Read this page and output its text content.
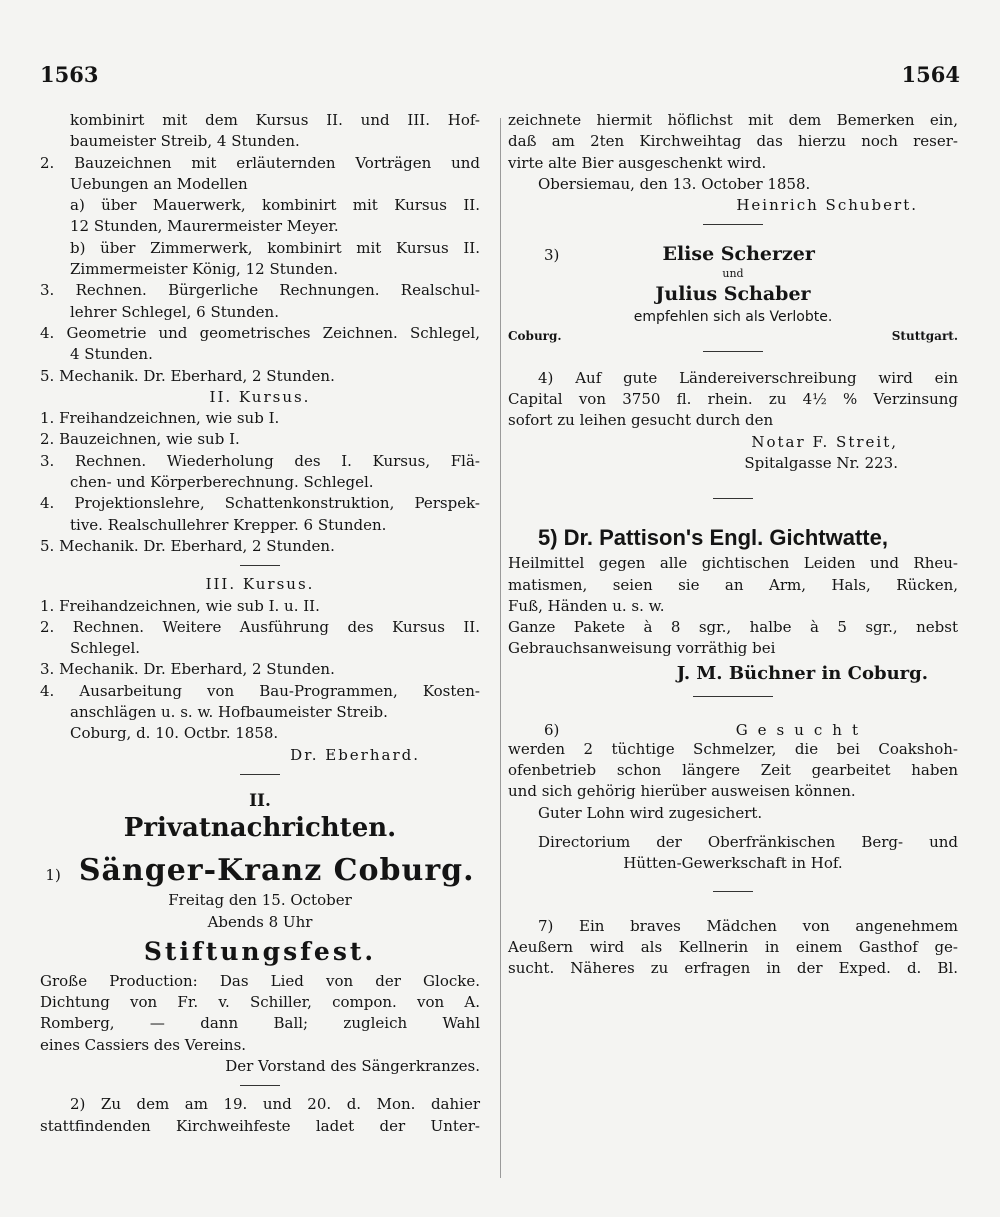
1563	1564

kombinirt mit dem Kursus II. und III. Hof-

baumeister Streib, 4 Stunden.

2. Bauzeichnen mit erläuternden Vorträgen und

Uebungen an Modellen

a) über Mauerwerk, kombinirt mit Kursus II.

12 Stunden, Maurermeister Meyer.

b) über Zimmerwerk, kombinirt mit Kursus II.

Zimmermeister König, 12 Stunden.

3. Rechnen. Bürgerliche Rechnungen. Realschul-

lehrer Schlegel, 6 Stunden.

4. Geometrie und geometrisches Zeichnen. Schlegel,

4 Stunden.

5. Mechanik. Dr. Eberhard, 2 Stunden.

II. Kursus.

1. Freihandzeichnen, wie sub I.

2. Bauzeichnen, wie sub I.

3. Rechnen. Wiederholung des I. Kursus, Flä-

chen- und Körperberechnung. Schlegel.

4. Projektionslehre, Schattenkonstruktion, Perspek-

tive. Realschullehrer Krepper. 6 Stunden.

5. Mechanik. Dr. Eberhard, 2 Stunden.

III. Kursus.

1. Freihandzeichnen, wie sub I. u. II.

2. Rechnen. Weitere Ausführung des Kursus II.

Schlegel.

3. Mechanik. Dr. Eberhard, 2 Stunden.

4. Ausarbeitung von Bau-Programmen, Kosten-

anschlägen u. s. w. Hofbaumeister Streib.

Coburg, d. 10. Octbr. 1858.

Dr. Eberhard.

II.

Privatnachrichten.

1) Sänger-Kranz Coburg.

Freitag den 15. October

Abends 8 Uhr

Stiftungsfest.

Große Production: Das Lied von der Glocke.

Dichtung von Fr. v. Schiller, compon. von A.

Romberg, — dann Ball; zugleich Wahl

eines Cassiers des Vereins.

Der Vorstand des Sängerkranzes.

2) Zu dem am 19. und 20. d. Mon. dahier

stattfindenden Kirchweihfeste ladet der Unter-

zeichnete hiermit höflichst mit dem Bemerken ein,

daß am 2ten Kirchweihtag das hierzu noch reser-

virte alte Bier ausgeschenkt wird.

Obersiemau, den 13. October 1858.

Heinrich Schubert.

3)	Elise Scherzer

und

Julius Schaber

empfehlen sich als Verlobte.

Coburg.	Stuttgart.

4) Auf gute Ländereiverschreibung wird ein

Capital von 3750 fl. rhein. zu 4½ % Verzinsung

sofort zu leihen gesucht durch den

Notar F. Streit,

Spitalgasse Nr. 223.

5) Dr. Pattison's Engl. Gichtwatte,

Heilmittel gegen alle gichtischen Leiden und Rheu-

matismen, seien sie an Arm, Hals, Rücken,

Fuß, Händen u. s. w.

Ganze Pakete à 8 sgr., halbe à 5 sgr., nebst

Gebrauchsanweisung vorräthig bei

J. M. Büchner in Coburg.

6)	Gesucht

werden 2 tüchtige Schmelzer, die bei Coakshoh-

ofenbetrieb schon längere Zeit gearbeitet haben

und sich gehörig hierüber ausweisen können.

Guter Lohn wird zugesichert.

Directorium der Oberfränkischen Berg- und

Hütten-Gewerkschaft in Hof.

7) Ein braves Mädchen von angenehmem

Aeußern wird als Kellnerin in einem Gasthof ge-

sucht. Näheres zu erfragen in der Exped. d. Bl.
